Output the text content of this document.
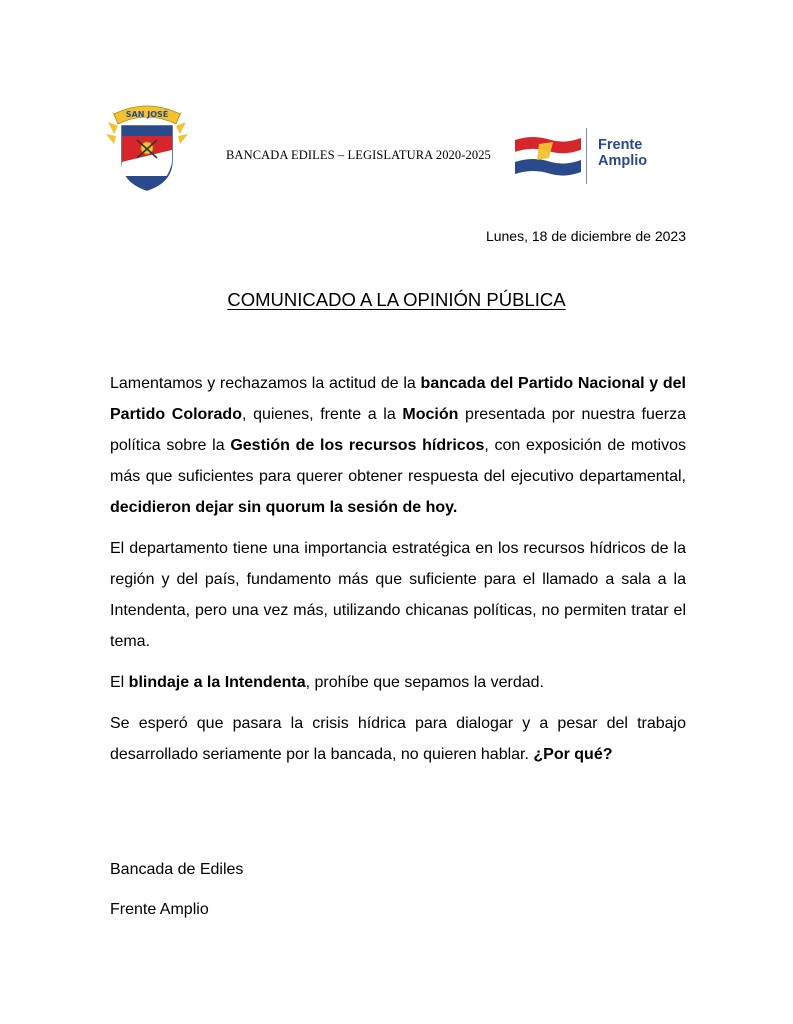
SAN JOSÉ
BANCADA EDILES – LEGISLATURA 2020-2025
Frente
Amplio
Lunes, 18 de diciembre de 2023
COMUNICADO A LA OPINIÓN PÚBLICA

Lamentamos y rechazamos la actitud de la bancada del Partido Nacional y del Partido Colorado, quienes, frente a la Moción presentada por nuestra fuerza política sobre la Gestión de los recursos hídricos, con exposición de motivos más que suficientes para querer obtener respuesta del ejecutivo departamental, decidieron dejar sin quorum la sesión de hoy.

El departamento tiene una importancia estratégica en los recursos hídricos de la región y del país, fundamento más que suficiente para el llamado a sala a la Intendenta, pero una vez más, utilizando chicanas políticas, no permiten tratar el tema.

El blindaje a la Intendenta, prohíbe que sepamos la verdad.

Se esperó que pasara la crisis hídrica para dialogar y a pesar del trabajo desarrollado seriamente por la bancada, no quieren hablar. ¿Por qué?

Bancada de Ediles
Frente Amplio
